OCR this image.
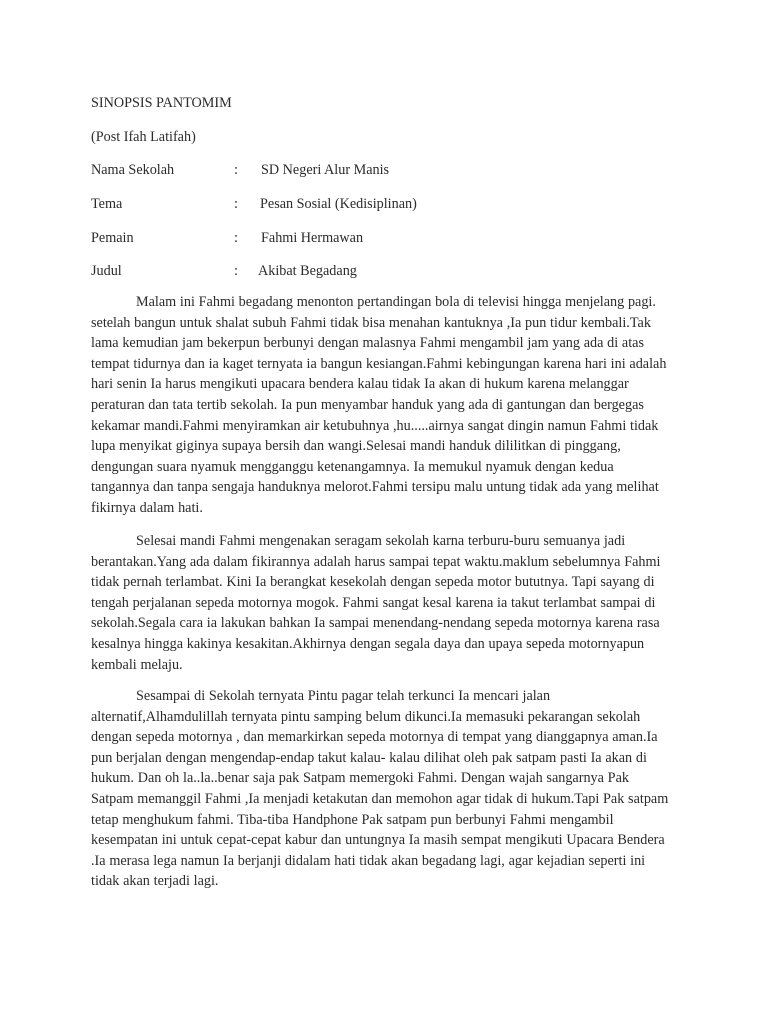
SINOPSIS PANTOMIM
(Post Ifah Latifah)
Nama Sekolah	: SD Negeri Alur Manis
Tema	: Pesan Sosial (Kedisiplinan)
Pemain	: Fahmi Hermawan
Judul	: Akibat Begadang

Malam ini Fahmi begadang menonton pertandingan bola di televisi hingga menjelang pagi. setelah bangun untuk shalat subuh Fahmi tidak bisa menahan kantuknya ,Ia pun tidur kembali.Tak lama kemudian jam bekerpun berbunyi dengan malasnya Fahmi mengambil jam yang ada di atas tempat tidurnya dan ia kaget ternyata ia bangun kesiangan.Fahmi kebingungan karena hari ini adalah hari senin Ia harus mengikuti upacara bendera kalau tidak Ia akan di hukum karena melanggar peraturan dan tata tertib sekolah. Ia pun menyambar handuk yang ada di gantungan dan bergegas kekamar mandi.Fahmi menyiramkan air ketubuhnya ,hu.....airnya sangat dingin namun Fahmi tidak lupa menyikat giginya supaya bersih dan wangi.Selesai mandi handuk dililitkan di pinggang, dengungan suara nyamuk mengganggu ketenangamnya. Ia memukul nyamuk dengan kedua tangannya dan tanpa sengaja handuknya melorot.Fahmi tersipu malu untung tidak ada yang melihat fikirnya dalam hati.

Selesai mandi Fahmi mengenakan seragam sekolah karna terburu-buru semuanya jadi berantakan.Yang ada dalam fikirannya adalah harus sampai tepat waktu.maklum sebelumnya Fahmi tidak pernah terlambat. Kini Ia berangkat kesekolah dengan sepeda motor bututnya. Tapi sayang di tengah perjalanan sepeda motornya mogok. Fahmi sangat kesal karena ia takut terlambat sampai di sekolah.Segala cara ia lakukan bahkan Ia sampai menendang-nendang sepeda motornya karena rasa kesalnya hingga kakinya kesakitan.Akhirnya dengan segala daya dan upaya sepeda motornyapun kembali melaju.

Sesampai di Sekolah ternyata Pintu pagar telah terkunci Ia mencari jalan alternatif,Alhamdulillah ternyata pintu samping belum dikunci.Ia memasuki pekarangan sekolah dengan sepeda motornya , dan memarkirkan sepeda motornya di tempat yang dianggapnya aman.Ia pun berjalan dengan mengendap-endap takut kalau- kalau dilihat oleh pak satpam pasti Ia akan di hukum. Dan oh la..la..benar saja pak Satpam memergoki Fahmi. Dengan wajah sangarnya Pak Satpam memanggil Fahmi ,Ia menjadi ketakutan dan memohon agar tidak di hukum.Tapi Pak satpam tetap menghukum fahmi. Tiba-tiba Handphone Pak satpam pun berbunyi Fahmi mengambil kesempatan ini untuk cepat-cepat kabur dan untungnya Ia masih sempat mengikuti Upacara Bendera .Ia merasa lega namun Ia berjanji didalam hati tidak akan begadang lagi, agar kejadian seperti ini tidak akan terjadi lagi.
